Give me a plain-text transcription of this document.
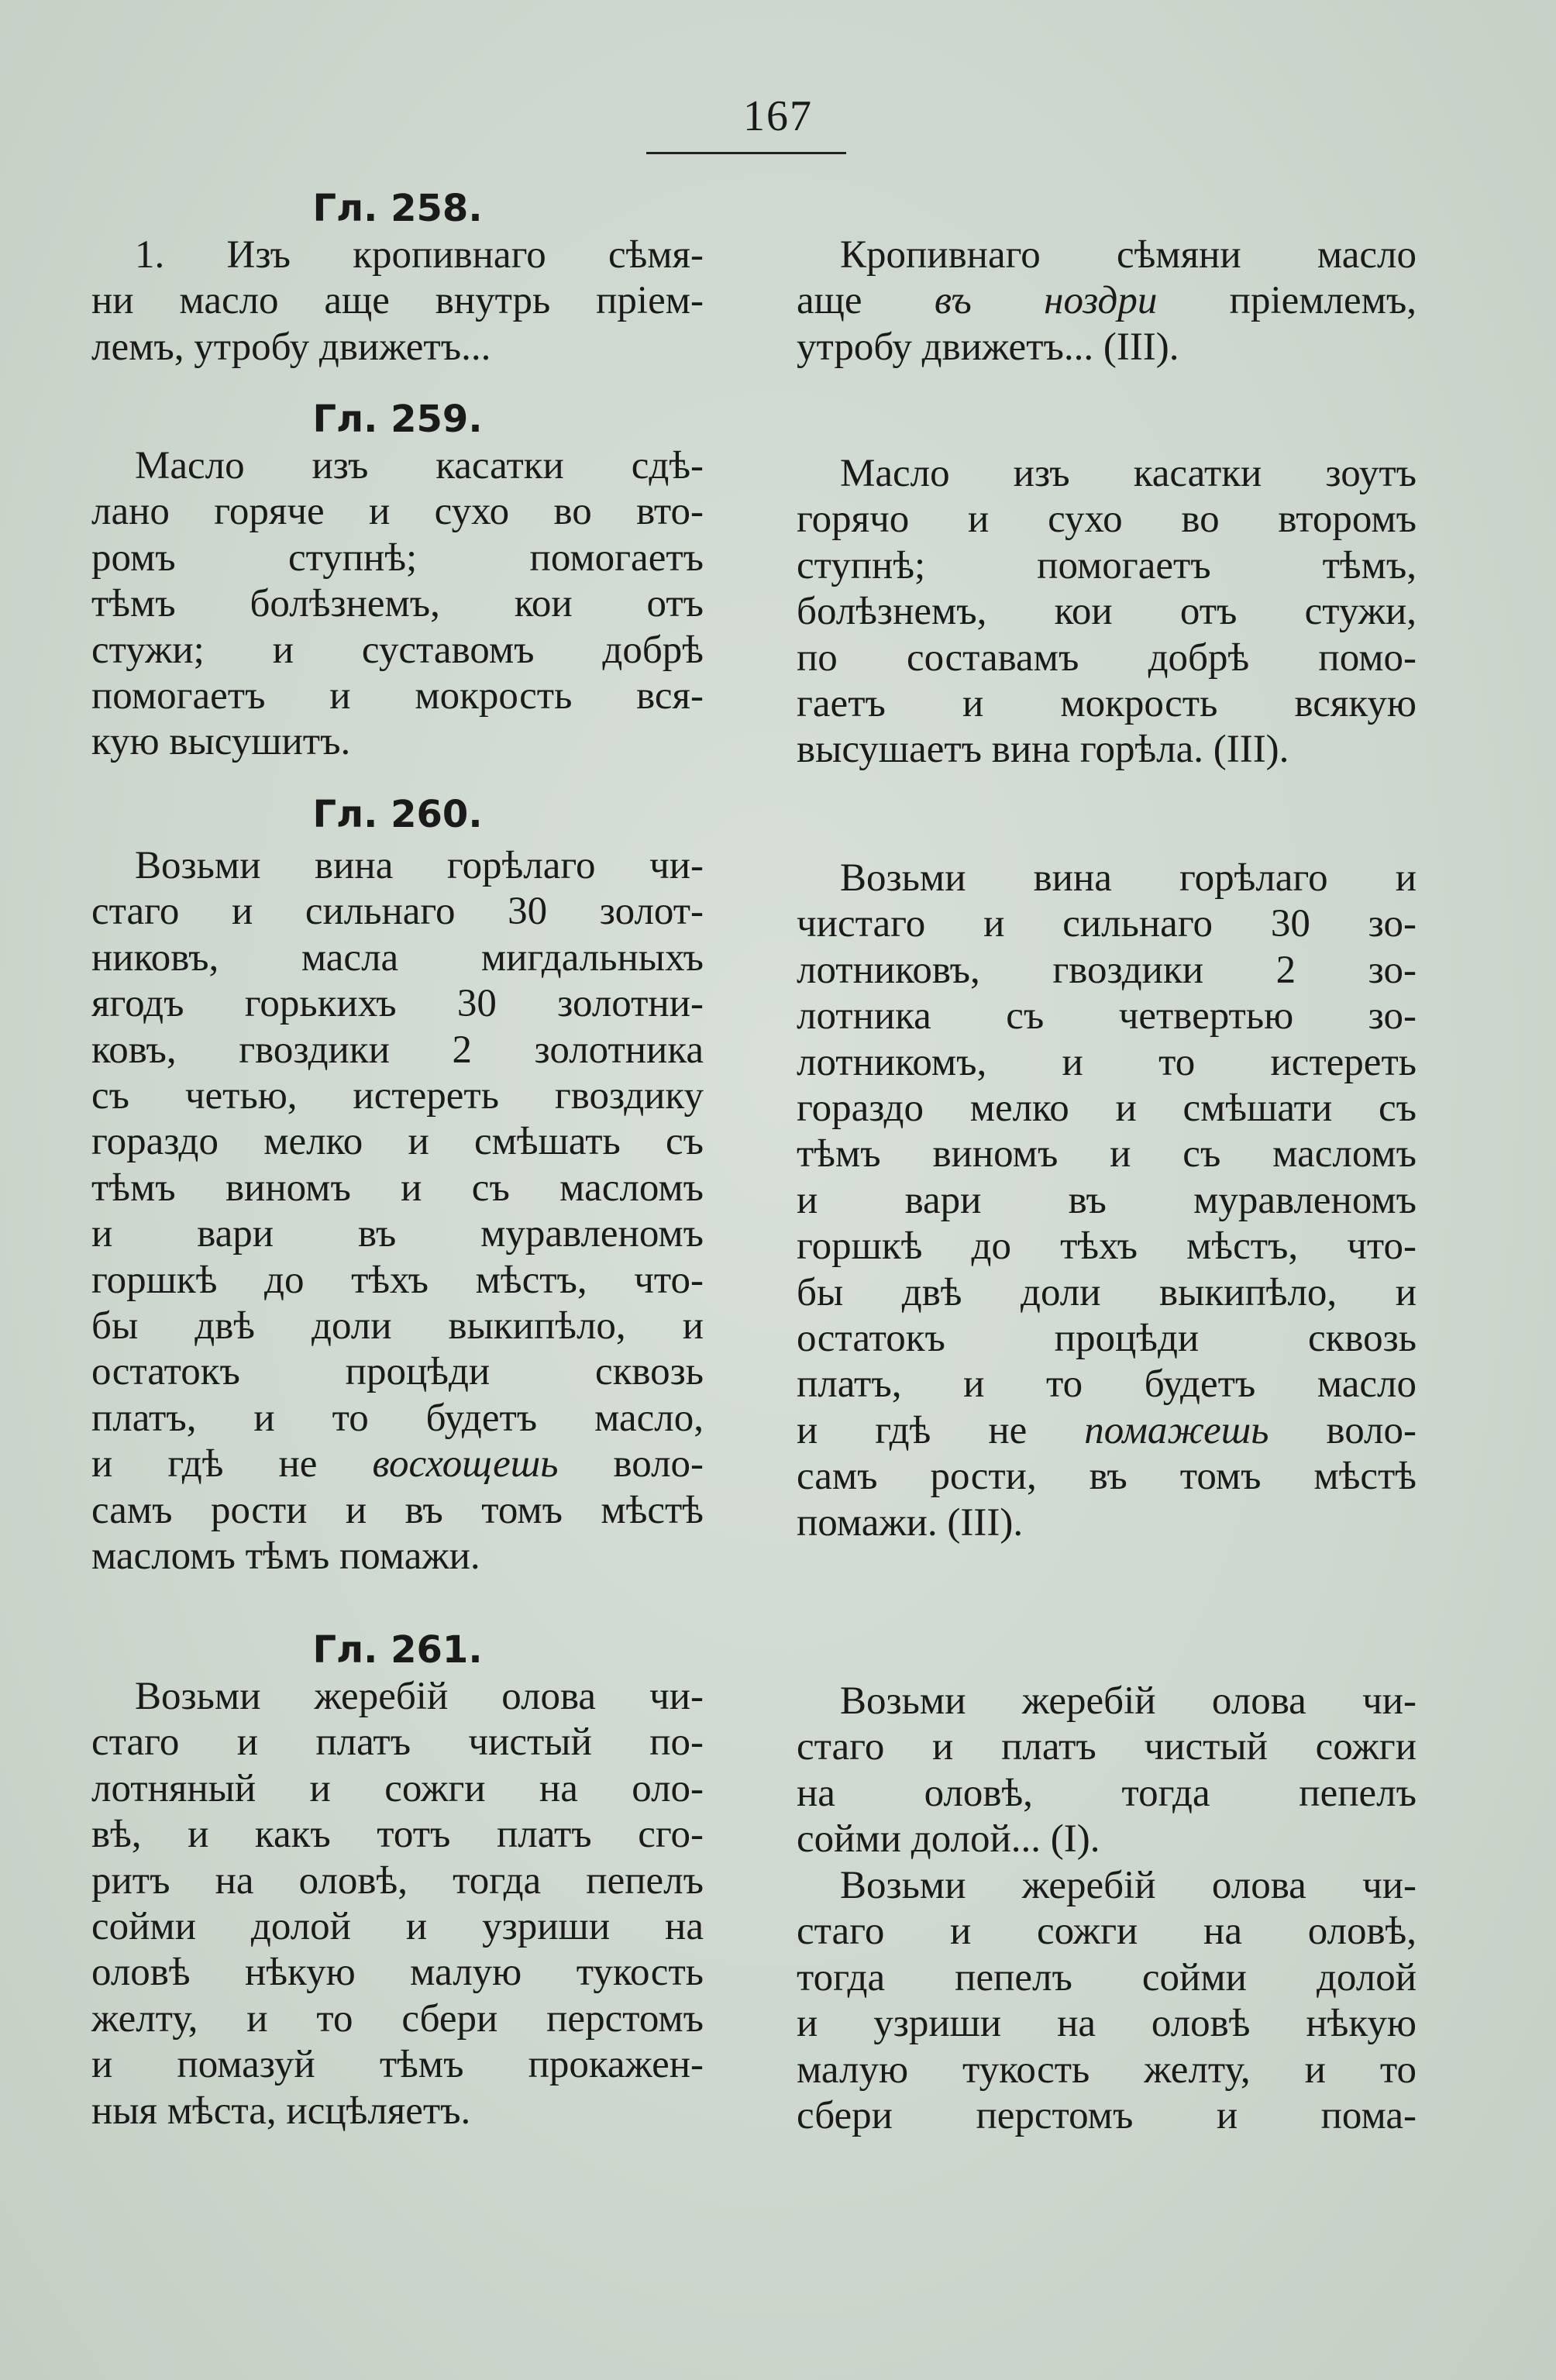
167
Гл. 258.
1. Изъ кропивнаго сѣмя-
ни масло аще внутрь пріем-
лемъ, утробу движетъ...
Гл. 259.
Масло изъ касатки сдѣ-
лано горяче и сухо во вто-
ромъ ступнѣ; помогаетъ
тѣмъ болѣзнемъ, кои отъ
стужи; и суставомъ добрѣ
помогаетъ и мокрость вся-
кую высушитъ.
Гл. 260.
Возьми вина горѣлаго чи-
стаго и сильнаго 30 золот-
никовъ, масла мигдальныхъ
ягодъ горькихъ 30 золотни-
ковъ, гвоздики 2 золотника
съ четью, истереть гвоздику
гораздо мелко и смѣшать съ
тѣмъ виномъ и съ масломъ
и вари въ муравленомъ
горшкѣ до тѣхъ мѣстъ, что-
бы двѣ доли выкипѣло, и
остатокъ процѣди сквозь
платъ, и то будетъ масло,
и гдѣ не восхощешь воло-
самъ рости и въ томъ мѣстѣ
масломъ тѣмъ помажи.
Гл. 261.
Возьми жеребій олова чи-
стаго и платъ чистый по-
лотняный и сожги на оло-
вѣ, и какъ тотъ платъ сго-
ритъ на оловѣ, тогда пепелъ
сойми долой и узриши на
оловѣ нѣкую малую тукость
желту, и то сбери перстомъ
и помазуй тѣмъ прокажен-
ныя мѣста, исцѣляетъ.
Кропивнаго сѣмяни масло
аще въ ноздри пріемлемъ,
утробу движетъ... (III).
Масло изъ касатки зоутъ
горячо и сухо во второмъ
ступнѣ; помогаетъ тѣмъ,
болѣзнемъ, кои отъ стужи,
по составамъ добрѣ помо-
гаетъ и мокрость всякую
высушаетъ вина горѣла. (III).
Возьми вина горѣлаго и
чистаго и сильнаго 30 зо-
лотниковъ, гвоздики 2 зо-
лотника съ четвертью зо-
лотникомъ, и то истереть
гораздо мелко и смѣшати съ
тѣмъ виномъ и съ масломъ
и вари въ муравленомъ
горшкѣ до тѣхъ мѣстъ, что-
бы двѣ доли выкипѣло, и
остатокъ процѣди сквозь
платъ, и то будетъ масло
и гдѣ не помажешь воло-
самъ рости, въ томъ мѣстѣ
помажи. (III).
Возьми жеребій олова чи-
стаго и платъ чистый сожги
на оловѣ, тогда пепелъ
сойми долой... (I).
Возьми жеребій олова чи-
стаго и сожги на оловѣ,
тогда пепелъ сойми долой
и узриши на оловѣ нѣкую
малую тукость желту, и то
сбери перстомъ и пома-
